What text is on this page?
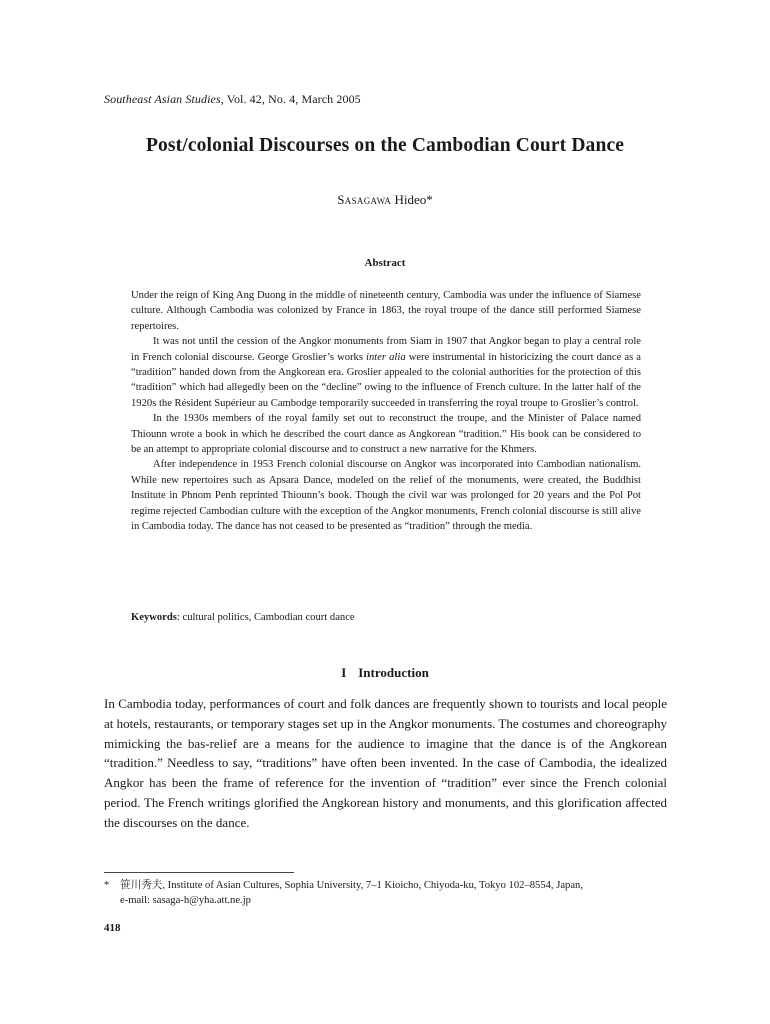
Southeast Asian Studies, Vol. 42, No. 4, March 2005
Post/colonial Discourses on the Cambodian Court Dance
Sasagawa Hideo*
Abstract

Under the reign of King Ang Duong in the middle of nineteenth century, Cambodia was under the influence of Siamese culture. Although Cambodia was colonized by France in 1863, the royal troupe of the dance still performed Siamese repertoires.

It was not until the cession of the Angkor monuments from Siam in 1907 that Angkor began to play a central role in French colonial discourse. George Groslier’s works inter alia were instrumental in historicizing the court dance as a “tradition” handed down from the Angkorean era. Groslier appealed to the colonial authorities for the protection of this “tradition” which had allegedly been on the “decline” owing to the influence of French culture. In the latter half of the 1920s the Résident Supérieur au Cambodge temporarily succeeded in transferring the royal troupe to Groslier’s control.

In the 1930s members of the royal family set out to reconstruct the troupe, and the Minister of Palace named Thiounn wrote a book in which he described the court dance as Angkorean “tradition.” His book can be considered to be an attempt to appropriate colonial discourse and to construct a new narrative for the Khmers.

After independence in 1953 French colonial discourse on Angkor was incorporated into Cambodian nationalism. While new repertoires such as Apsara Dance, modeled on the relief of the monuments, were created, the Buddhist Institute in Phnom Penh reprinted Thiounn’s book. Though the civil war was prolonged for 20 years and the Pol Pot regime rejected Cambodian culture with the exception of the Angkor monuments, French colonial discourse is still alive in Cambodia today. The dance has not ceased to be presented as “tradition” through the media.

Keywords: cultural politics, Cambodian court dance
I Introduction

In Cambodia today, performances of court and folk dances are frequently shown to tourists and local people at hotels, restaurants, or temporary stages set up in the Angkor monuments. The costumes and choreography mimicking the bas-relief are a means for the audience to imagine that the dance is of the Angkorean “tradition.” Needless to say, “traditions” have often been invented. In the case of Cambodia, the idealized Angkor has been the frame of reference for the invention of “tradition” ever since the French colonial period. The French writings glorified the Angkorean history and monuments, and this glorification affected the discourses on the dance.

* 笹川秀夫, Institute of Asian Cultures, Sophia University, 7–1 Kioicho, Chiyoda-ku, Tokyo 102–8554, Japan,
e-mail: sasaga-h@yha.att.ne.jp
418
